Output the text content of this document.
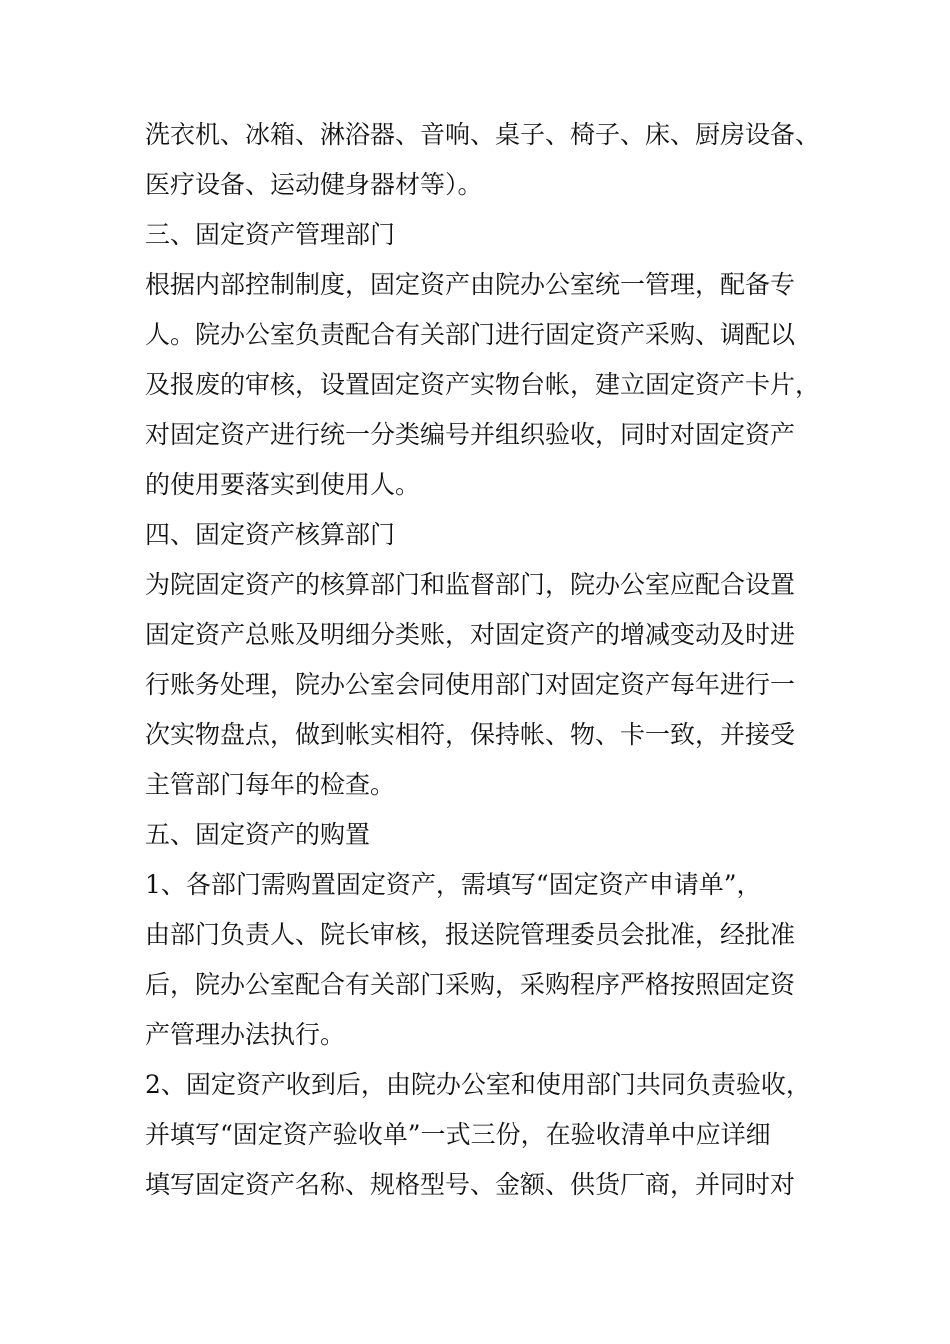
洗衣机、冰箱、淋浴器、音响、桌子、椅子、床、厨房设备、
医疗设备、运动健身器材等）。
三、固定资产管理部门
根据内部控制制度，固定资产由院办公室统一管理，配备专
人。院办公室负责配合有关部门进行固定资产采购、调配以
及报废的审核，设置固定资产实物台帐，建立固定资产卡片，
对固定资产进行统一分类编号并组织验收，同时对固定资产
的使用要落实到使用人。
四、固定资产核算部门
为院固定资产的核算部门和监督部门，院办公室应配合设置
固定资产总账及明细分类账，对固定资产的增减变动及时进
行账务处理，院办公室会同使用部门对固定资产每年进行一
次实物盘点，做到帐实相符，保持帐、物、卡一致，并接受
主管部门每年的检查。
五、固定资产的购置
1、各部门需购置固定资产，需填写“固定资产申请单”，
由部门负责人、院长审核，报送院管理委员会批准，经批准
后，院办公室配合有关部门采购，采购程序严格按照固定资
产管理办法执行。
2、固定资产收到后，由院办公室和使用部门共同负责验收，
并填写“固定资产验收单”一式三份，在验收清单中应详细
填写固定资产名称、规格型号、金额、供货厂商，并同时对
